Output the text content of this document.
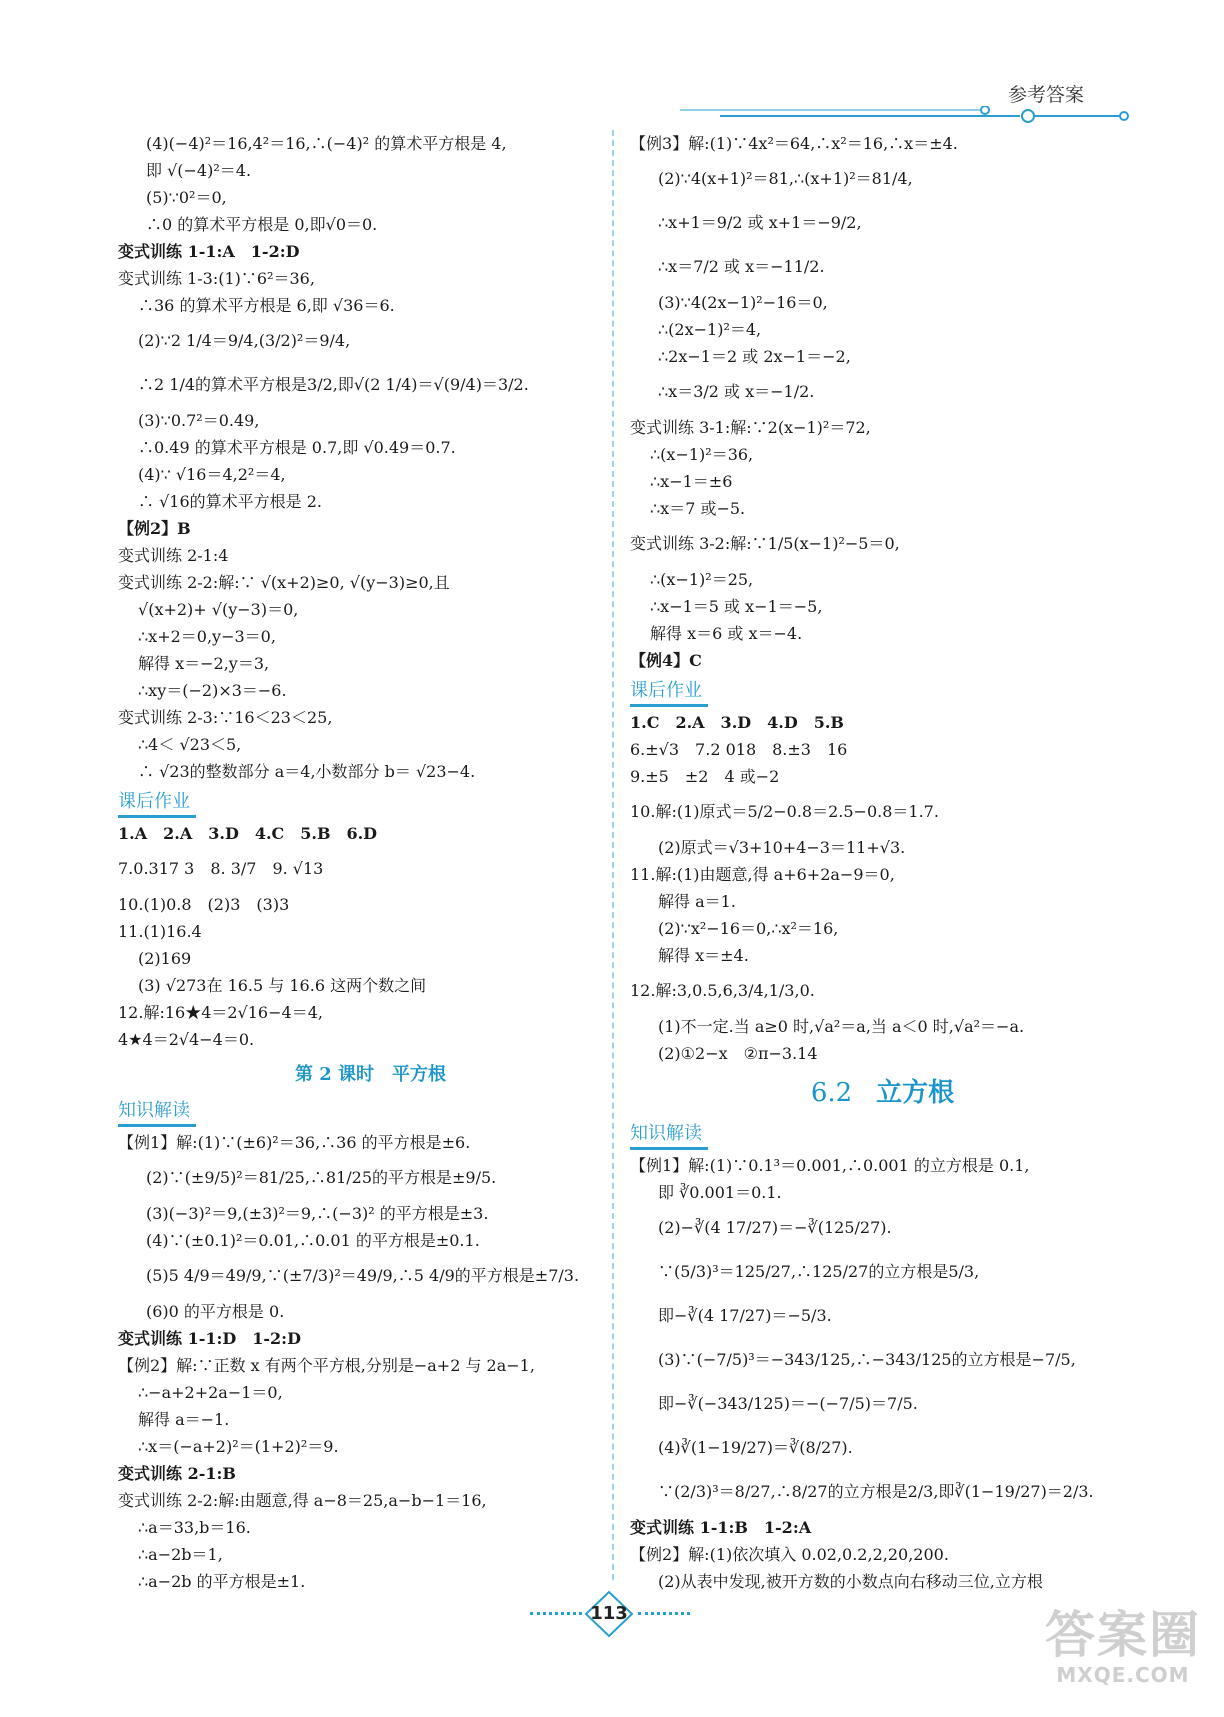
参考答案
(4)(−4)²＝16,4²＝16,∴(−4)² 的算术平方根是 4,
即 √(−4)²＝4.
(5)∵0²＝0,
∴0 的算术平方根是 0,即√0＝0.
变式训练 1‑1:A　1‑2:D
变式训练 1‑3:(1)∵6²＝36,
∴36 的算术平方根是 6,即 √36＝6.
(2)∵2 1/4＝9/4,(3/2)²＝9/4,
∴2 1/4的算术平方根是3/2,即√(2 1/4)＝√(9/4)＝3/2.
(3)∵0.7²＝0.49,
∴0.49 的算术平方根是 0.7,即 √0.49＝0.7.
(4)∵ √16＝4,2²＝4,
∴ √16的算术平方根是 2.
【例2】B
变式训练 2‑1:4
变式训练 2‑2:解:∵ √(x+2)≥0, √(y−3)≥0,且
√(x+2)+ √(y−3)＝0,
∴x+2＝0,y−3＝0,
解得 x＝−2,y＝3,
∴xy＝(−2)×3＝−6.
变式训练 2‑3:∵16＜23＜25,
∴4＜ √23＜5,
∴ √23的整数部分 a＝4,小数部分 b＝ √23−4.
课后作业
1.A　2.A　3.D　4.C　5.B　6.D
7.0.317 3　8. 3/7　9. √13
10.(1)0.8　(2)3　(3)3
11.(1)16.4
(2)169
(3) √273在 16.5 与 16.6 这两个数之间
12.解:16★4＝2√16−4＝4,
4★4＝2√4−4＝0.
第 2 课时　平方根
知识解读
【例1】解:(1)∵(±6)²＝36,∴36 的平方根是±6.
(2)∵(±9/5)²＝81/25,∴81/25的平方根是±9/5.
(3)(−3)²＝9,(±3)²＝9,∴(−3)² 的平方根是±3.
(4)∵(±0.1)²＝0.01,∴0.01 的平方根是±0.1.
(5)5 4/9＝49/9,∵(±7/3)²＝49/9,∴5 4/9的平方根是±7/3.
(6)0 的平方根是 0.
变式训练 1‑1:D　1‑2:D
【例2】解:∵正数 x 有两个平方根,分别是−a+2 与 2a−1,
∴−a+2+2a−1＝0,
解得 a＝−1.
∴x＝(−a+2)²＝(1+2)²＝9.
变式训练 2‑1:B
变式训练 2‑2:解:由题意,得 a−8＝25,a−b−1＝16,
∴a＝33,b＝16.
∴a−2b＝1,
∴a−2b 的平方根是±1.
【例3】解:(1)∵4x²＝64,∴x²＝16,∴x＝±4.
(2)∵4(x+1)²＝81,∴(x+1)²＝81/4,
∴x+1＝9/2 或 x+1＝−9/2,
∴x＝7/2 或 x＝−11/2.
(3)∵4(2x−1)²−16＝0,
∴(2x−1)²＝4,
∴2x−1＝2 或 2x−1＝−2,
∴x＝3/2 或 x＝−1/2.
变式训练 3‑1:解:∵2(x−1)²＝72,
∴(x−1)²＝36,
∴x−1＝±6
∴x＝7 或−5.
变式训练 3‑2:解:∵1/5(x−1)²−5＝0,
∴(x−1)²＝25,
∴x−1＝5 或 x−1＝−5,
解得 x＝6 或 x＝−4.
【例4】C
课后作业
1.C　2.A　3.D　4.D　5.B
6.±√3　7.2 018　8.±3　16
9.±5　±2　4 或−2
10.解:(1)原式＝5/2−0.8＝2.5−0.8＝1.7.
(2)原式＝√3+10+4−3＝11+√3.
11.解:(1)由题意,得 a+6+2a−9＝0,
解得 a＝1.
(2)∵x²−16＝0,∴x²＝16,
解得 x＝±4.
12.解:3,0.5,6,3/4,1/3,0.
(1)不一定.当 a≥0 时,√a²＝a,当 a＜0 时,√a²＝−a.
(2)①2−x　②π−3.14
6.2 立方根
知识解读
【例1】解:(1)∵0.1³＝0.001,∴0.001 的立方根是 0.1,
即 ∛0.001＝0.1.
(2)−∛(4 17/27)＝−∛(125/27).
∵(5/3)³＝125/27,∴125/27的立方根是5/3,
即−∛(4 17/27)＝−5/3.
(3)∵(−7/5)³＝−343/125,∴−343/125的立方根是−7/5,
即−∛(−343/125)＝−(−7/5)＝7/5.
(4)∛(1−19/27)＝∛(8/27).
∵(2/3)³＝8/27,∴8/27的立方根是2/3,即∛(1−19/27)＝2/3.
变式训练 1‑1:B　1‑2:A
【例2】解:(1)依次填入 0.02,0.2,2,20,200.
(2)从表中发现,被开方数的小数点向右移动三位,立方根
113	答案圈
MXQE.COM
